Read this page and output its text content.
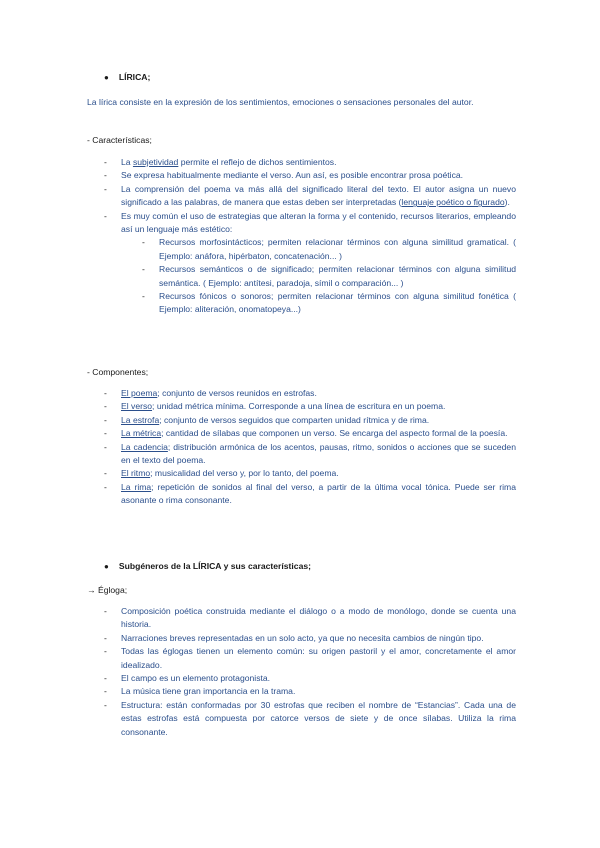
● LÍRICA;
La lírica consiste en la expresión de los sentimientos, emociones o sensaciones personales del autor.
- Características;
- La subjetividad permite el reflejo de dichos sentimientos.
- Se expresa habitualmente mediante el verso. Aun así, es posible encontrar prosa poética.
- La comprensión del poema va más allá del significado literal del texto. El autor asigna un nuevo significado a las palabras, de manera que estas deben ser interpretadas (lenguaje poético o figurado).
- Es muy común el uso de estrategias que alteran la forma y el contenido, recursos literarios, empleando así un lenguaje más estético:
- Recursos morfosintácticos; permiten relacionar términos con alguna similitud gramatical. ( Ejemplo: anáfora, hipérbaton, concatenación... )
- Recursos semánticos o de significado; permiten relacionar términos con alguna similitud semántica. ( Ejemplo: antítesi, paradoja, símil o comparación... )
- Recursos fónicos o sonoros; permiten relacionar términos con alguna similitud fonética ( Ejemplo: aliteración, onomatopeya...)
- Componentes;
- El poema; conjunto de versos reunidos en estrofas.
- El verso; unidad métrica mínima. Corresponde a una línea de escritura en un poema.
- La estrofa; conjunto de versos seguidos que comparten unidad rítmica y de rima.
- La métrica; cantidad de sílabas que componen un verso. Se encarga del aspecto formal de la poesía.
- La cadencia; distribución armónica de los acentos, pausas, ritmo, sonidos o acciones que se suceden en el texto del poema.
- El ritmo; musicalidad del verso y, por lo tanto, del poema.
- La rima; repetición de sonidos al final del verso, a partir de la última vocal tónica. Puede ser rima asonante o rima consonante.
● Subgéneros de la LÍRICA y sus características;
→ Égloga;
- Composición poética construida mediante el diálogo o a modo de monólogo, donde se cuenta una historia.
- Narraciones breves representadas en un solo acto, ya que no necesita cambios de ningún tipo.
- Todas las églogas tienen un elemento común: su origen pastoril y el amor, concretamente el amor idealizado.
- El campo es un elemento protagonista.
- La música tiene gran importancia en la trama.
- Estructura: están conformadas por 30 estrofas que reciben el nombre de “Estancias”. Cada una de estas estrofas está compuesta por catorce versos de siete y de once sílabas. Utiliza la rima consonante.
